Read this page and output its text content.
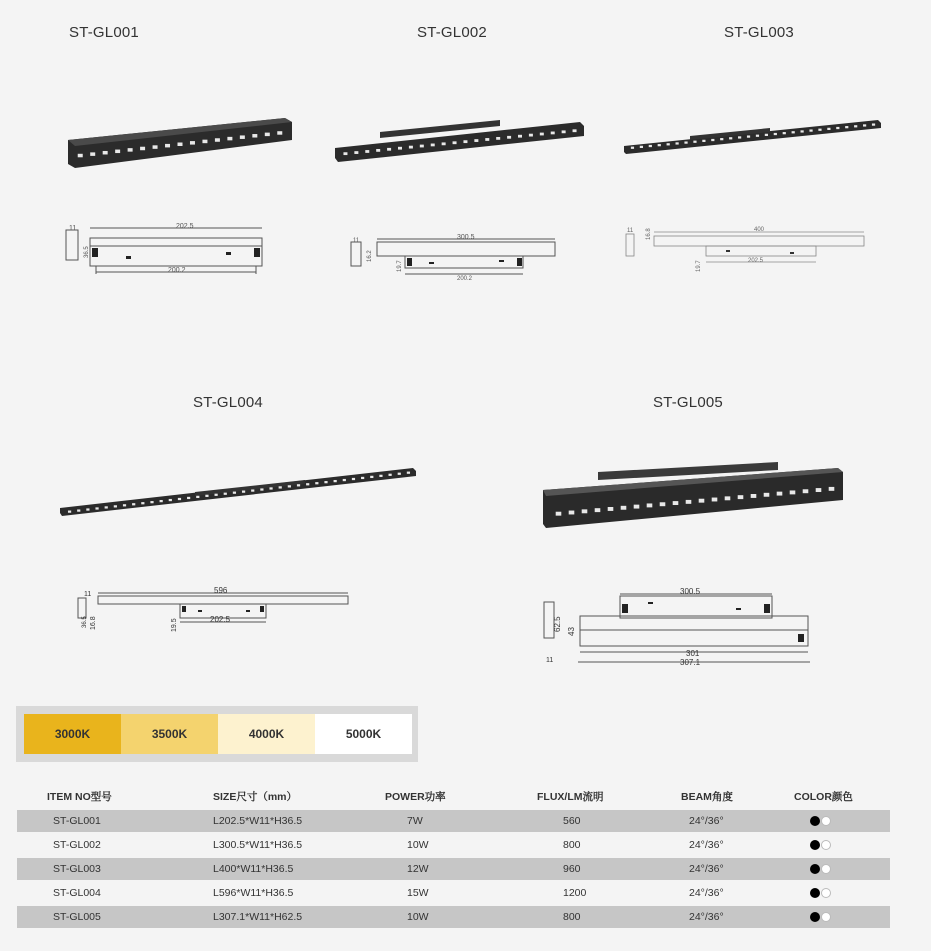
ST-GL001	ST-GL002	ST-GL003
ST-GL004	ST-GL005
202.5
200.2
11
36.5
300.5
200.2
11
16.2
19.7
400
202.5
11 16.8
19.7
596
202.5
11
36.5 16.8	19.5
300.5
301
307.1
11
62.5 43
3000K	3500K	4000K	5000K
ITEM NO型号	SIZE尺寸（mm）	POWER功率	FLUX/LM流明	BEAM角度	COLOR颜色
ST-GL001	L202.5*W11*H36.5	7W	560	24°/36°
ST-GL002	L300.5*W11*H36.5	10W	800	24°/36°
ST-GL003	L400*W11*H36.5	12W	960	24°/36°
ST-GL004	L596*W11*H36.5	15W	1200	24°/36°
ST-GL005	L307.1*W11*H62.5	10W	800	24°/36°
